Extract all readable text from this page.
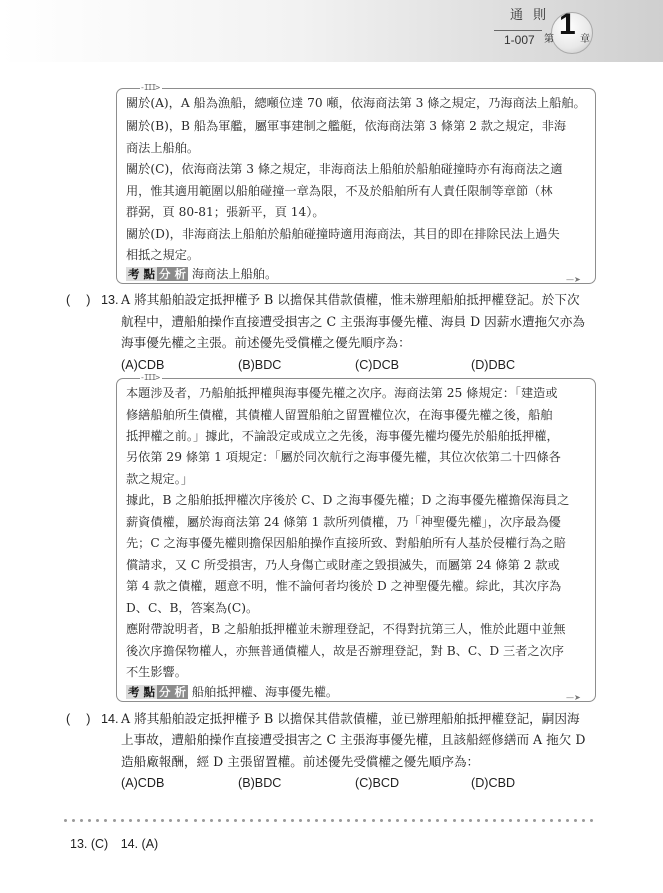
通則
1-007 第 1 章
-III>
—➤
關於(A)，A 船為漁船，總噸位達 70 噸，依海商法第 3 條之規定，乃海商法上船舶。
關於(B)，B 船為軍艦，屬軍事建制之艦艇，依海商法第 3 條第 2 款之規定，非海
商法上船舶。
關於(C)，依海商法第 3 條之規定，非海商法上船舶於船舶碰撞時亦有海商法之適
用，惟其適用範圍以船舶碰撞一章為限，不及於船舶所有人責任限制等章節（林
群弼，頁 80-81；張新平，頁 14）。
關於(D)，非海商法上船舶於船舶碰撞時適用海商法，其目的即在排除民法上過失
相抵之規定。
考 點 分 析 海商法上船舶。
(　 ) 13. A 將其船舶設定抵押權予 B 以擔保其借款債權，惟未辦理船舶抵押權登記。於下次
航程中，遭船舶操作直接遭受損害之 C 主張海事優先權、海員 D 因薪水遭拖欠亦為
海事優先權之主張。前述優先受償權之優先順序為：
(A)CDB	(B)BDC	(C)DCB	(D)DBC
-III>
—➤
本題涉及者，乃船舶抵押權與海事優先權之次序。海商法第 25 條規定：「建造或
修繕船舶所生債權，其債權人留置船舶之留置權位次，在海事優先權之後，船舶
抵押權之前。」據此，不論設定或成立之先後，海事優先權均優先於船舶抵押權，
另依第 29 條第 1 項規定：「屬於同次航行之海事優先權，其位次依第二十四條各
款之規定。」
據此，B 之船舶抵押權次序後於 C、D 之海事優先權；D 之海事優先權擔保海員之
薪資債權，屬於海商法第 24 條第 1 款所列債權，乃「神聖優先權」，次序最為優
先；C 之海事優先權則擔保因船舶操作直接所致、對船舶所有人基於侵權行為之賠
償請求，又 C 所受損害，乃人身傷亡或財產之毀損滅失，而屬第 24 條第 2 款或
第 4 款之債權，題意不明，惟不論何者均後於 D 之神聖優先權。綜此，其次序為
D、C、B，答案為(C)。
應附帶說明者，B 之船舶抵押權並未辦理登記，不得對抗第三人，惟於此題中並無
後次序擔保物權人，亦無普通債權人，故是否辦理登記，對 B、C、D 三者之次序
不生影響。
考 點 分 析 船舶抵押權、海事優先權。
(　 ) 14. A 將其船舶設定抵押權予 B 以擔保其借款債權，並已辦理船舶抵押權登記，嗣因海
上事故，遭船舶操作直接遭受損害之 C 主張海事優先權，且該船經修繕而 A 拖欠 D
造船廠報酬，經 D 主張留置權。前述優先受償權之優先順序為：
(A)CDB	(B)BDC	(C)BCD	(D)CBD
13. (C)　14. (A)
